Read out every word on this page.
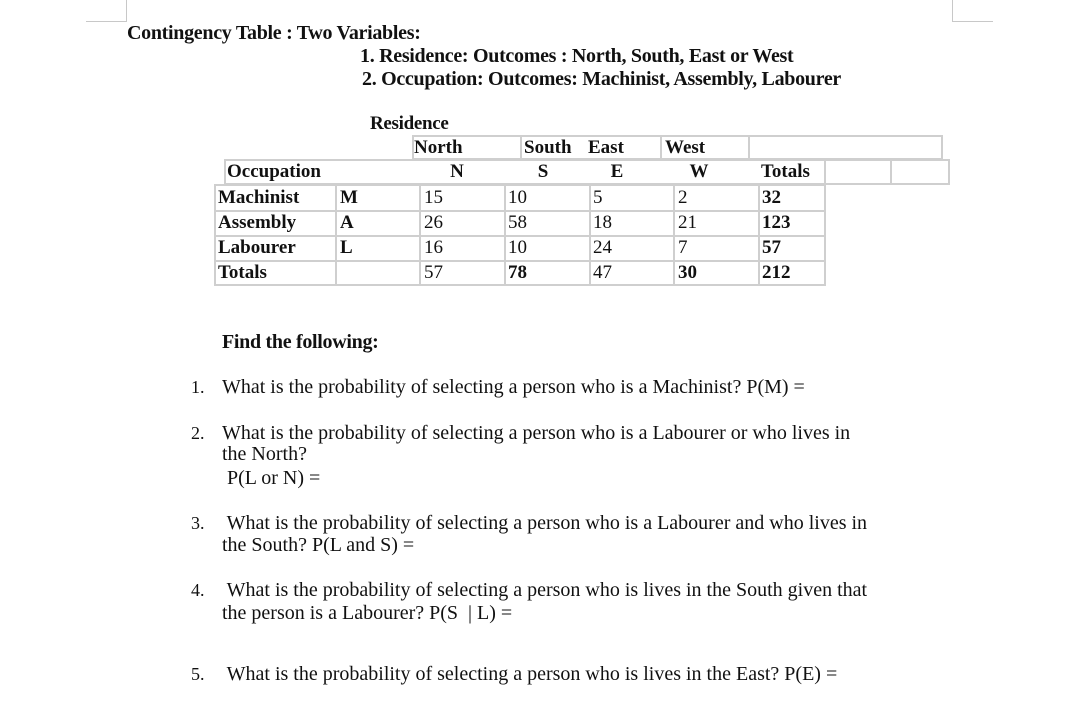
Contingency Table : Two Variables:
1. Residence: Outcomes : North, South, East or West
2. Occupation: Outcomes: Machinist, Assembly, Labourer
Residence
North	South East West
Occupation	N	S	E	W	Totals
Machinist M	15	10	5	2	32
Assembly A	26	58	18	21	123
Labourer L	16	10	24	7	57
Totals	57	78	47	30	212
Find the following:
1. What is the probability of selecting a person who is a Machinist? P(M) =
2. What is the probability of selecting a person who is a Labourer or who lives in
the North?
P(L or N) =
3. What is the probability of selecting a person who is a Labourer and who lives in
the South? P(L and S) =
4. What is the probability of selecting a person who is lives in the South given that
the person is a Labourer? P(S  | L) =
5. What is the probability of selecting a person who is lives in the East? P(E) =
